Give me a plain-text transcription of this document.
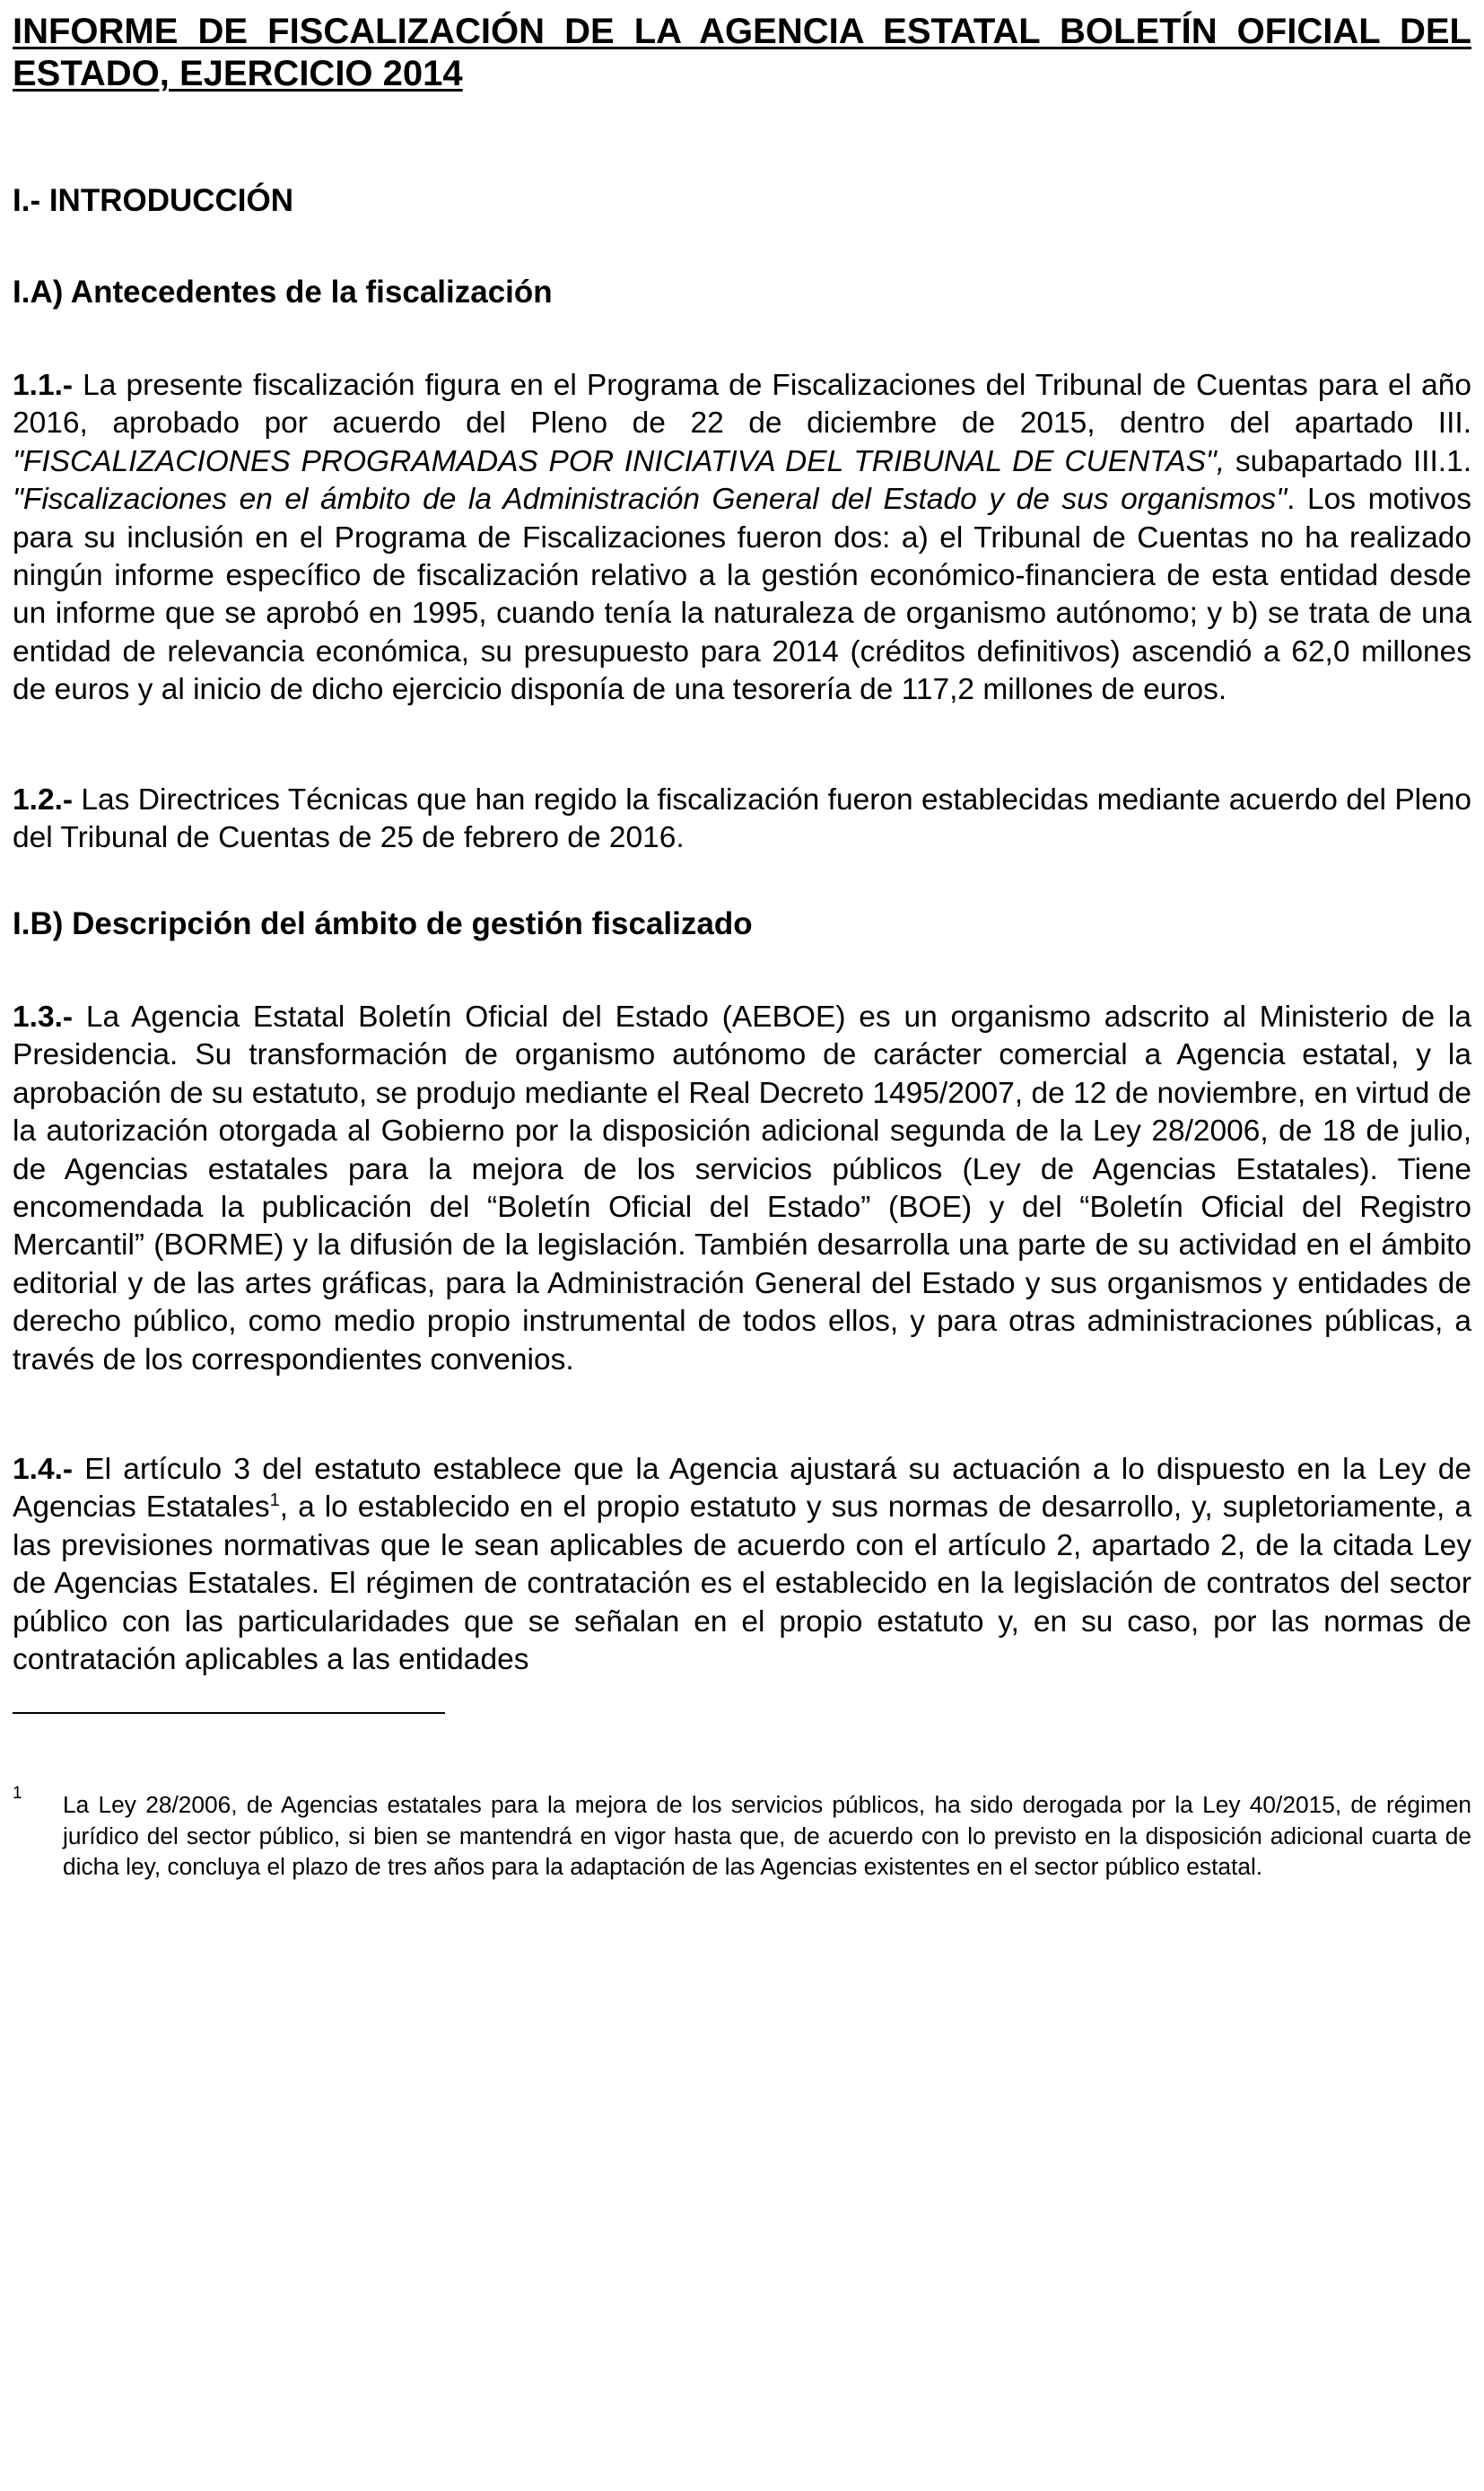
INFORME DE FISCALIZACIÓN DE LA AGENCIA ESTATAL BOLETÍN OFICIAL DEL ESTADO, EJERCICIO 2014
I.- INTRODUCCIÓN
I.A) Antecedentes de la fiscalización

1.1.- La presente fiscalización figura en el Programa de Fiscalizaciones del Tribunal de Cuentas para el año 2016, aprobado por acuerdo del Pleno de 22 de diciembre de 2015, dentro del apartado III. "FISCALIZACIONES PROGRAMADAS POR INICIATIVA DEL TRIBUNAL DE CUENTAS", subapartado III.1. "Fiscalizaciones en el ámbito de la Administración General del Estado y de sus organismos". Los motivos para su inclusión en el Programa de Fiscalizaciones fueron dos: a) el Tribunal de Cuentas no ha realizado ningún informe específico de fiscalización relativo a la gestión económico-financiera de esta entidad desde un informe que se aprobó en 1995, cuando tenía la naturaleza de organismo autónomo; y b) se trata de una entidad de relevancia económica, su presupuesto para 2014 (créditos definitivos) ascendió a 62,0 millones de euros y al inicio de dicho ejercicio disponía de una tesorería de 117,2 millones de euros.

1.2.- Las Directrices Técnicas que han regido la fiscalización fueron establecidas mediante acuerdo del Pleno del Tribunal de Cuentas de 25 de febrero de 2016.

I.B) Descripción del ámbito de gestión fiscalizado

1.3.- La Agencia Estatal Boletín Oficial del Estado (AEBOE) es un organismo adscrito al Ministerio de la Presidencia. Su transformación de organismo autónomo de carácter comercial a Agencia estatal, y la aprobación de su estatuto, se produjo mediante el Real Decreto 1495/2007, de 12 de noviembre, en virtud de la autorización otorgada al Gobierno por la disposición adicional segunda de la Ley 28/2006, de 18 de julio, de Agencias estatales para la mejora de los servicios públicos (Ley de Agencias Estatales). Tiene encomendada la publicación del “Boletín Oficial del Estado” (BOE) y del “Boletín Oficial del Registro Mercantil” (BORME) y la difusión de la legislación. También desarrolla una parte de su actividad en el ámbito editorial y de las artes gráficas, para la Administración General del Estado y sus organismos y entidades de derecho público, como medio propio instrumental de todos ellos, y para otras administraciones públicas, a través de los correspondientes convenios.

1.4.- El artículo 3 del estatuto establece que la Agencia ajustará su actuación a lo dispuesto en la Ley de Agencias Estatales$^1$, a lo establecido en el propio estatuto y sus normas de desarrollo, y, supletoriamente, a las previsiones normativas que le sean aplicables de acuerdo con el artículo 2, apartado 2, de la citada Ley de Agencias Estatales. El régimen de contratación es el establecido en la legislación de contratos del sector público con las particularidades que se señalan en el propio estatuto y, en su caso, por las normas de contratación aplicables a las entidades

1 La Ley 28/2006, de Agencias estatales para la mejora de los servicios públicos, ha sido derogada por la Ley 40/2015, de régimen jurídico del sector público, si bien se mantendrá en vigor hasta que, de acuerdo con lo previsto en la disposición adicional cuarta de dicha ley, concluya el plazo de tres años para la adaptación de las Agencias existentes en el sector público estatal.
